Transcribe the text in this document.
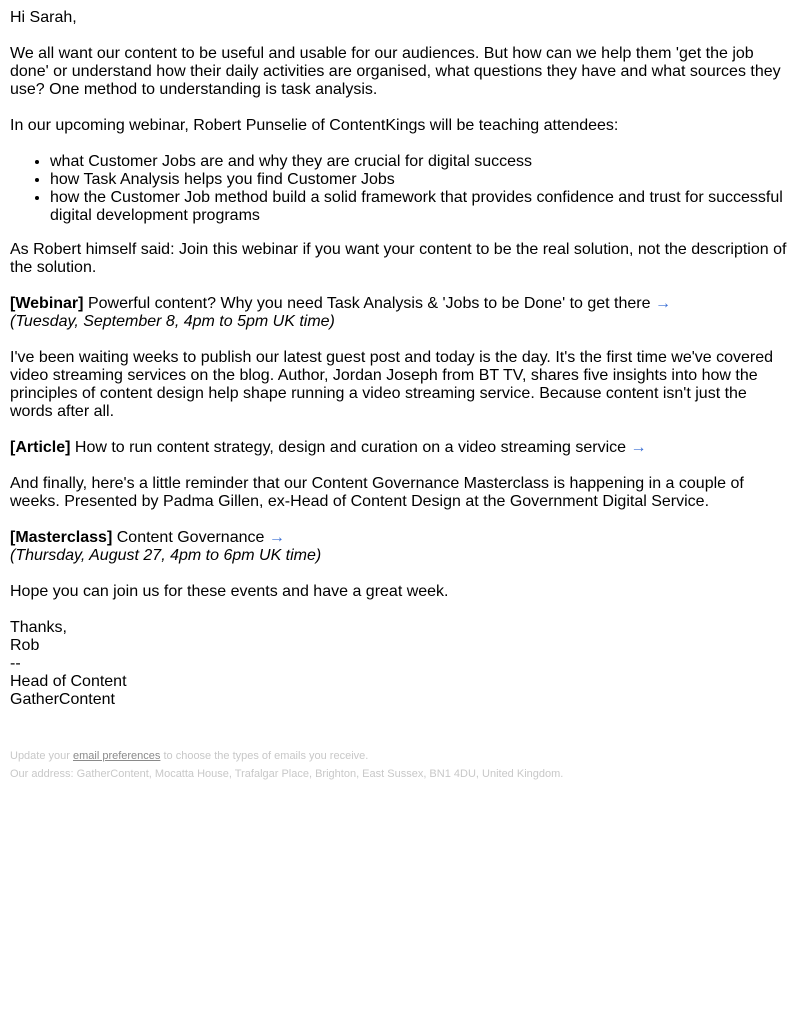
Hi Sarah,

We all want our content to be useful and usable for our audiences. But how can we help them 'get the job done' or understand how their daily activities are organised, what questions they have and what sources they use? One method to understanding is task analysis.

In our upcoming webinar, Robert Punselie of ContentKings will be teaching attendees:

• what Customer Jobs are and why they are crucial for digital success
• how Task Analysis helps you find Customer Jobs
• how the Customer Job method build a solid framework that provides confidence and trust for successful digital development programs

As Robert himself said: Join this webinar if you want your content to be the real solution, not the description of the solution.

[Webinar] Powerful content? Why you need Task Analysis & 'Jobs to be Done' to get there →
(Tuesday, September 8, 4pm to 5pm UK time)

I've been waiting weeks to publish our latest guest post and today is the day. It's the first time we've covered video streaming services on the blog. Author, Jordan Joseph from BT TV, shares five insights into how the principles of content design help shape running a video streaming service. Because content isn't just the words after all.

[Article] How to run content strategy, design and curation on a video streaming service →

And finally, here's a little reminder that our Content Governance Masterclass is happening in a couple of weeks. Presented by Padma Gillen, ex-Head of Content Design at the Government Digital Service.

[Masterclass] Content Governance →
(Thursday, August 27, 4pm to 6pm UK time)

Hope you can join us for these events and have a great week.

Thanks,
Rob
--
Head of Content
GatherContent

Update your email preferences to choose the types of emails you receive.

Our address: GatherContent, Mocatta House, Trafalgar Place, Brighton, East Sussex, BN1 4DU, United Kingdom.
